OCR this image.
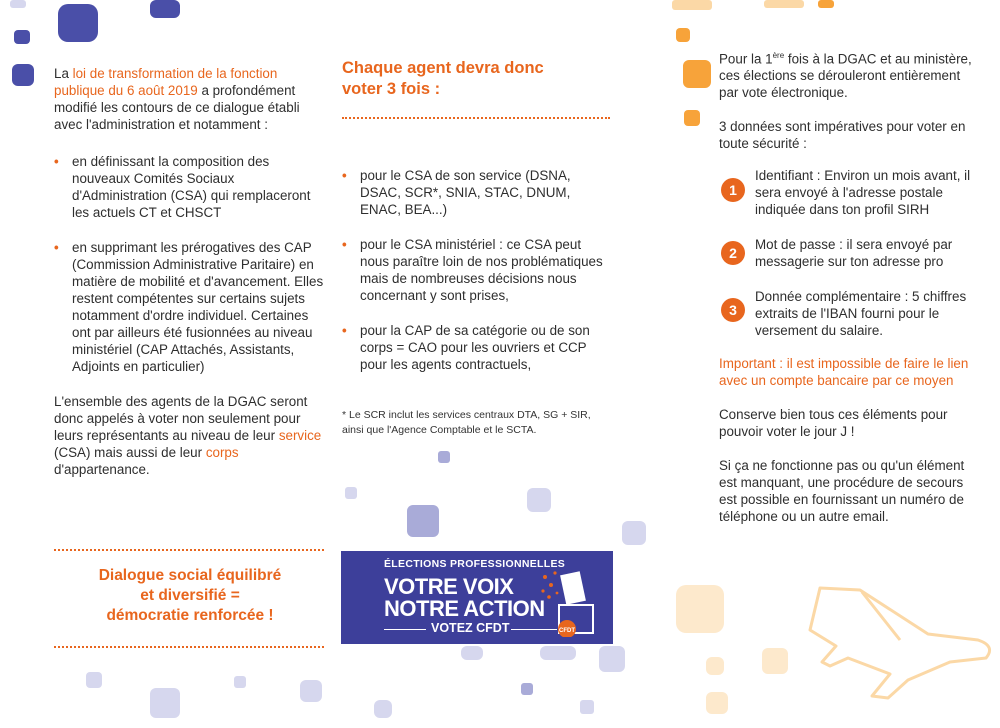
La loi de transformation de la fonction publique du 6 août 2019 a profondément modifié les contours de ce dialogue établi avec l'administration et notamment :

• en définissant la composition des nouveaux Comités Sociaux d'Administration (CSA) qui remplaceront les actuels CT et CHSCT
• en supprimant les prérogatives des CAP (Commission Administrative Paritaire) en matière de mobilité et d'avancement. Elles restent compétentes sur certains sujets notamment d'ordre individuel. Certaines ont par ailleurs été fusionnées au niveau ministériel (CAP Attachés, Assistants, Adjoints en particulier)

L'ensemble des agents de la DGAC seront donc appelés à voter non seulement pour leurs représentants au niveau de leur service (CSA) mais aussi de leur corps d'appartenance.

Dialogue social équilibré
et diversifié =
démocratie renforcée !
Chaque agent devra donc
voter 3 fois :
• pour le CSA de son service (DSNA, DSAC, SCR*, SNIA, STAC, DNUM, ENAC, BEA...)
• pour le CSA ministériel : ce CSA peut nous paraître loin de nos problématiques mais de nombreuses décisions nous concernant y sont prises,
• pour la CAP de sa catégorie ou de son corps = CAO pour les ouvriers et CCP pour les agents contractuels,
* Le SCR inclut les services centraux DTA, SG + SIR, ainsi que l'Agence Comptable et le SCTA.
ÉLECTIONS PROFESSIONNELLES
VOTRE VOIX
NOTRE ACTION
VOTEZ CFDT	CFDT

Pour la 1ère fois à la DGAC et au ministère, ces élections se dérouleront entièrement par vote électronique.

3 données sont impératives pour voter en toute sécurité :

1
Identifiant : Environ un mois avant, il sera envoyé à l'adresse postale indiquée dans ton profil SIRH
2
Mot de passe : il sera envoyé par messagerie sur ton adresse pro
3
Donnée complémentaire : 5 chiffres extraits de l'IBAN fourni pour le versement du salaire.

Important : il est impossible de faire le lien avec un compte bancaire par ce moyen

Conserve bien tous ces éléments pour pouvoir voter le jour J !

Si ça ne fonctionne pas ou qu'un élément est manquant, une procédure de secours est possible en fournissant un numéro de téléphone ou un autre email.
